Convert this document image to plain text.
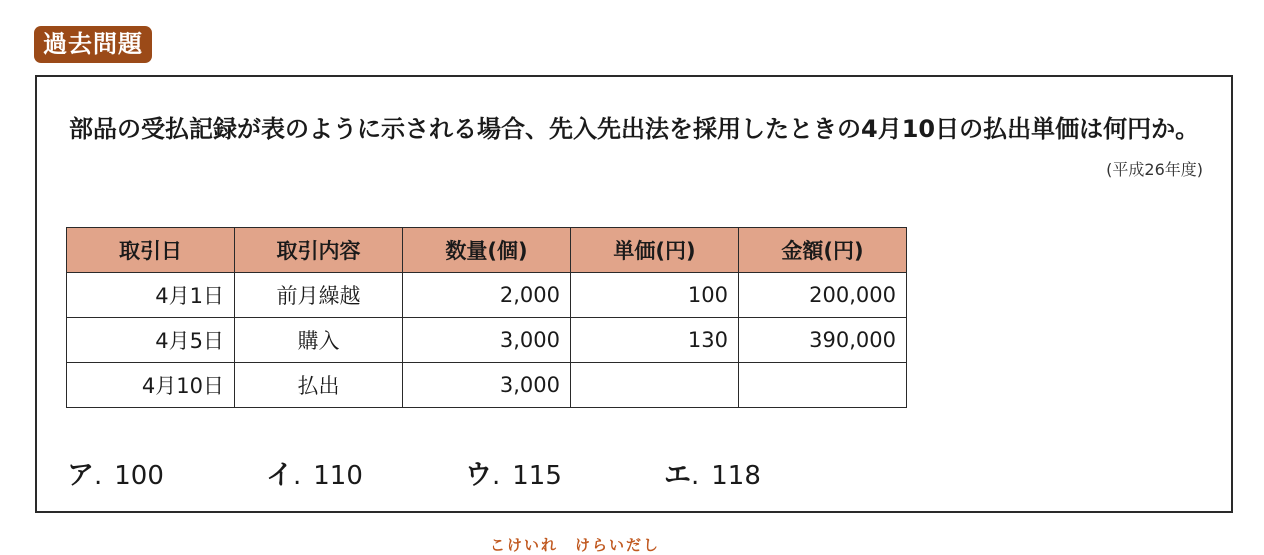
過去問題
部品の受払記録が表のように示される場合、先入先出法を採用したときの4月10日の払出単価は何円か。
(平成26年度)
取引日	取引内容	数量(個)	単価(円)	金額(円)
4月1日	前月繰越	2,000	100	200,000
4月5日	購入	3,000	130	390,000
4月10日	払出	3,000		
ア . 100	イ . 110	ウ . 115	エ . 118
こけいれ　けらいだし
